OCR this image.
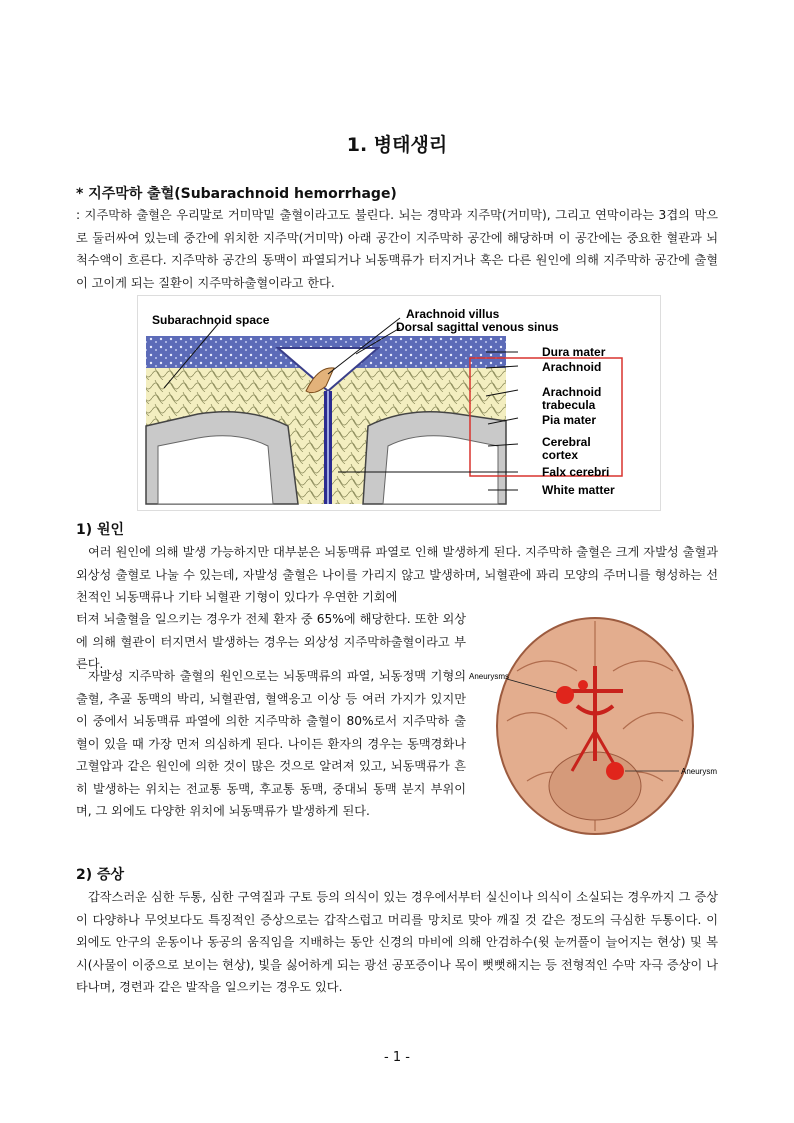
1. 병태생리
* 지주막하 출혈(Subarachnoid hemorrhage)

: 지주막하 출혈은 우리말로 거미막밑 출혈이라고도 불린다. 뇌는 경막과 지주막(거미막), 그리고 연막이라는 3겹의 막으로 둘러싸여 있는데 중간에 위치한 지주막(거미막) 아래 공간이 지주막하 공간에 해당하며 이 공간에는 중요한 혈관과 뇌척수액이 흐른다. 지주막하 공간의 동맥이 파열되거나 뇌동맥류가 터지거나 혹은 다른 원인에 의해 지주막하 공간에 출혈이 고이게 되는 질환이 지주막하출혈이라고 한다.

Subarachnoid space	Arachnoid villus
Dorsal sagittal venous sinus
Dura mater
Arachnoid
Arachnoid
trabecula
Pia mater
Cerebral
cortex
Falx cerebri
White matter
1) 원인

여러 원인에 의해 발생 가능하지만 대부분은 뇌동맥류 파열로 인해 발생하게 된다. 지주막하 출혈은 크게 자발성 출혈과 외상성 출혈로 나눌 수 있는데, 자발성 출혈은 나이를 가리지 않고 발생하며, 뇌혈관에 꽈리 모양의 주머니를 형성하는 선천적인 뇌동맥류나 기타 뇌혈관 기형이 있다가 우연한 기회에

터져 뇌출혈을 일으키는 경우가 전체 환자 중 65%에 해당한다. 또한 외상에 의해 혈관이 터지면서 발생하는 경우는 외상성 지주막하출혈이라고 부른다.

자발성 지주막하 출혈의 원인으로는 뇌동맥류의 파열, 뇌동정맥 기형의 출혈, 추골 동맥의 박리, 뇌혈관염, 혈액응고 이상 등 여러 가지가 있지만 이 중에서 뇌동맥류 파열에 의한 지주막하 출혈이 80%로서 지주막하 출혈이 있을 때 가장 먼저 의심하게 된다. 나이든 환자의 경우는 동맥경화나 고혈압과 같은 원인에 의한 것이 많은 것으로 알려져 있고, 뇌동맥류가 흔히 발생하는 위치는 전교통 동맥, 후교통 동맥, 중대뇌 동맥 분지 부위이며, 그 외에도 다양한 위치에 뇌동맥류가 발생하게 된다.

Aneurysms
Aneurysm
2) 증상

갑작스러운 심한 두통, 심한 구역질과 구토 등의 의식이 있는 경우에서부터 실신이나 의식이 소실되는 경우까지 그 증상이 다양하나 무엇보다도 특징적인 증상으로는 갑작스럽고 머리를 망치로 맞아 깨질 것 같은 정도의 극심한 두통이다. 이 외에도 안구의 운동이나 동공의 움직임을 지배하는 동안 신경의 마비에 의해 안검하수(윗 눈꺼풀이 늘어지는 현상) 및 복시(사물이 이중으로 보이는 현상), 빛을 싫어하게 되는 광선 공포증이나 목이 뻣뻣해지는 등 전형적인 수막 자극 증상이 나타나며, 경련과 같은 발작을 일으키는 경우도 있다.

- 1 -
